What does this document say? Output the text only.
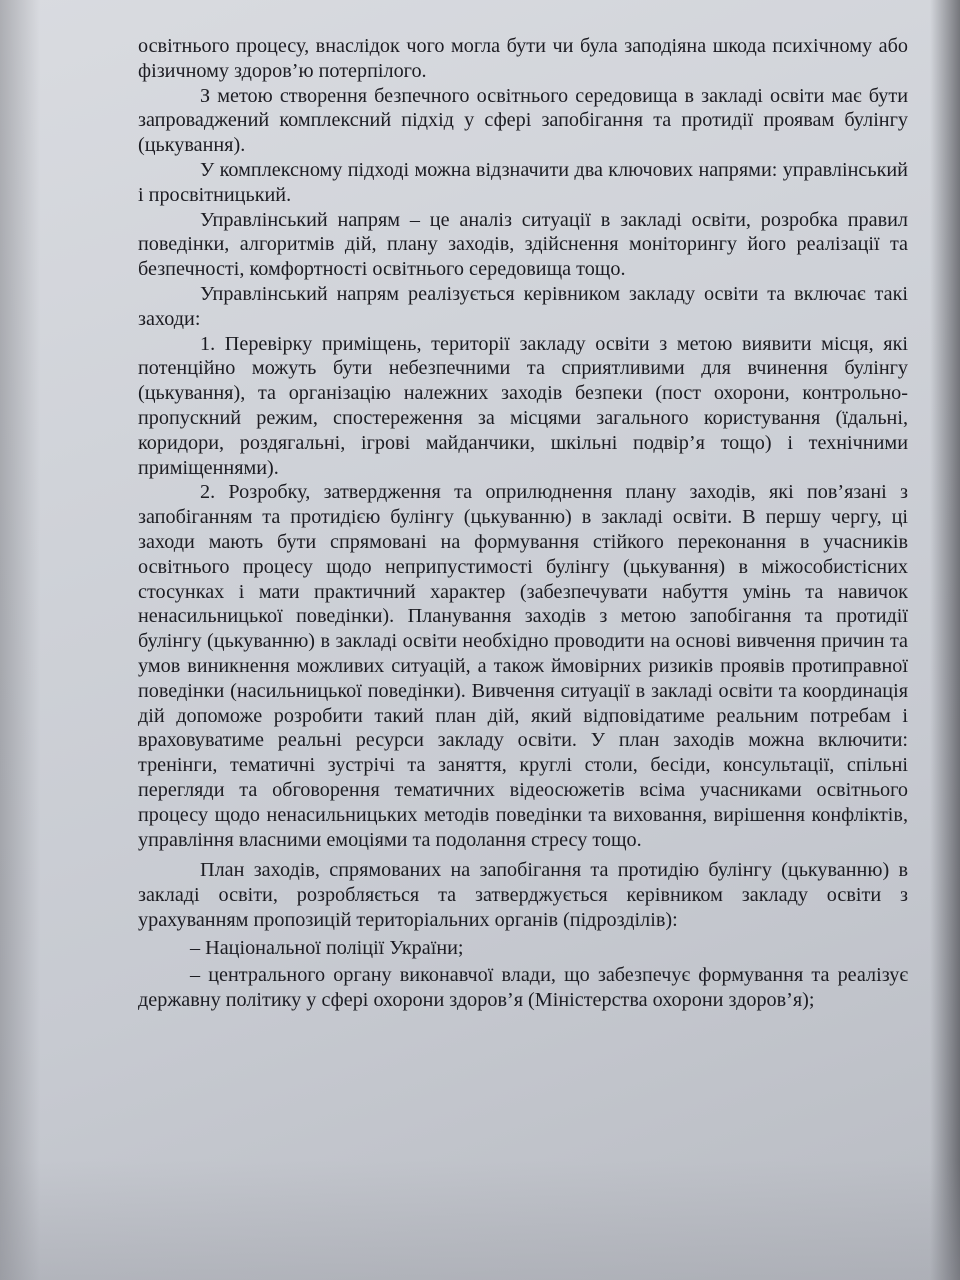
освітнього процесу, внаслідок чого могла бути чи була заподіяна шкода психічному або фізичному здоров’ю потерпілого.

З метою створення безпечного освітнього середовища в закладі освіти має бути запроваджений комплексний підхід у сфері запобігання та протидії проявам булінгу (цькування).

У комплексному підході можна відзначити два ключових напрями: управлінський і просвітницький.

Управлінський напрям – це аналіз ситуації в закладі освіти, розробка правил поведінки, алгоритмів дій, плану заходів, здійснення моніторингу його реалізації та безпечності, комфортності освітнього середовища тощо.

Управлінський напрям реалізується керівником закладу освіти та включає такі заходи:

1. Перевірку приміщень, території закладу освіти з метою виявити місця, які потенційно можуть бути небезпечними та сприятливими для вчинення булінгу (цькування), та організацію належних заходів безпеки (пост охорони, контрольно-пропускний режим, спостереження за місцями загального користування (їдальні, коридори, роздягальні, ігрові майданчики, шкільні подвір’я тощо) і технічними приміщеннями).

2. Розробку, затвердження та оприлюднення плану заходів, які пов’язані з запобіганням та протидією булінгу (цькуванню) в закладі освіти. В першу чергу, ці заходи мають бути спрямовані на формування стійкого переконання в учасників освітнього процесу щодо неприпустимості булінгу (цькування) в міжособистісних стосунках і мати практичний характер (забезпечувати набуття умінь та навичок ненасильницької поведінки). Планування заходів з метою запобігання та протидії булінгу (цькуванню) в закладі освіти необхідно проводити на основі вивчення причин та умов виникнення можливих ситуацій, а також ймовірних ризиків проявів протиправної поведінки (насильницької поведінки). Вивчення ситуації в закладі освіти та координація дій допоможе розробити такий план дій, який відповідатиме реальним потребам і враховуватиме реальні ресурси закладу освіти. У план заходів можна включити: тренінги, тематичні зустрічі та заняття, круглі столи, бесіди, консультації, спільні перегляди та обговорення тематичних відеосюжетів всіма учасниками освітнього процесу щодо ненасильницьких методів поведінки та виховання, вирішення конфліктів, управління власними емоціями та подолання стресу тощо.

План заходів, спрямованих на запобігання та протидію булінгу (цькуванню) в закладі освіти, розробляється та затверджується керівником закладу освіти з урахуванням пропозицій територіальних органів (підрозділів):

– Національної поліції України;

– центрального органу виконавчої влади, що забезпечує формування та реалізує державну політику у сфері охорони здоров’я (Міністерства охорони здоров’я);
